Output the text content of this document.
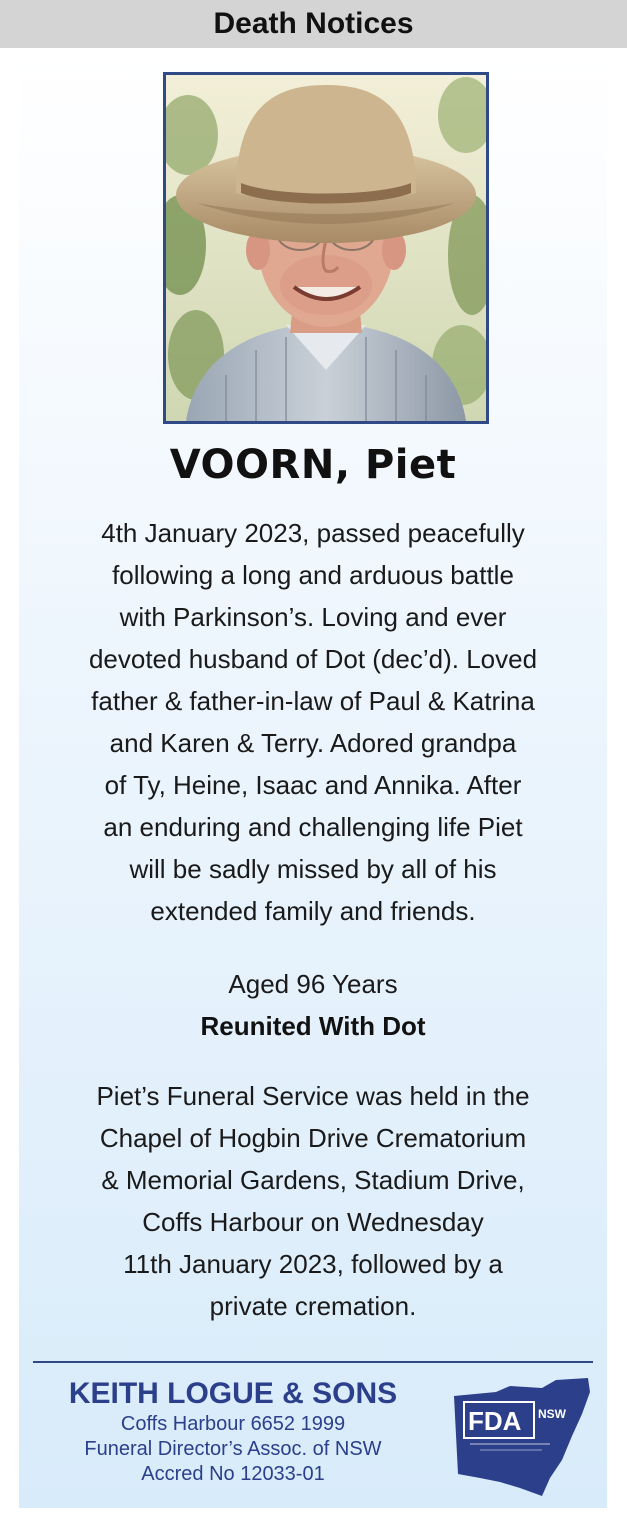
Death Notices
VOORN, Piet
4th January 2023, passed peacefully
following a long and arduous battle
with Parkinson’s. Loving and ever
devoted husband of Dot (dec’d). Loved
father & father-in-law of Paul & Katrina
and Karen & Terry. Adored grandpa
of Ty, Heine, Isaac and Annika. After
an enduring and challenging life Piet
will be sadly missed by all of his
extended family and friends.
Aged 96 Years
Reunited With Dot
Piet’s Funeral Service was held in the
Chapel of Hogbin Drive Crematorium
& Memorial Gardens, Stadium Drive,
Coffs Harbour on Wednesday
11th January 2023, followed by a
private cremation.
KEITH LOGUE & SONS
Coffs Harbour 6652 1999
Funeral Director’s Assoc. of NSW
Accred No 12033-01
FDA NSW
